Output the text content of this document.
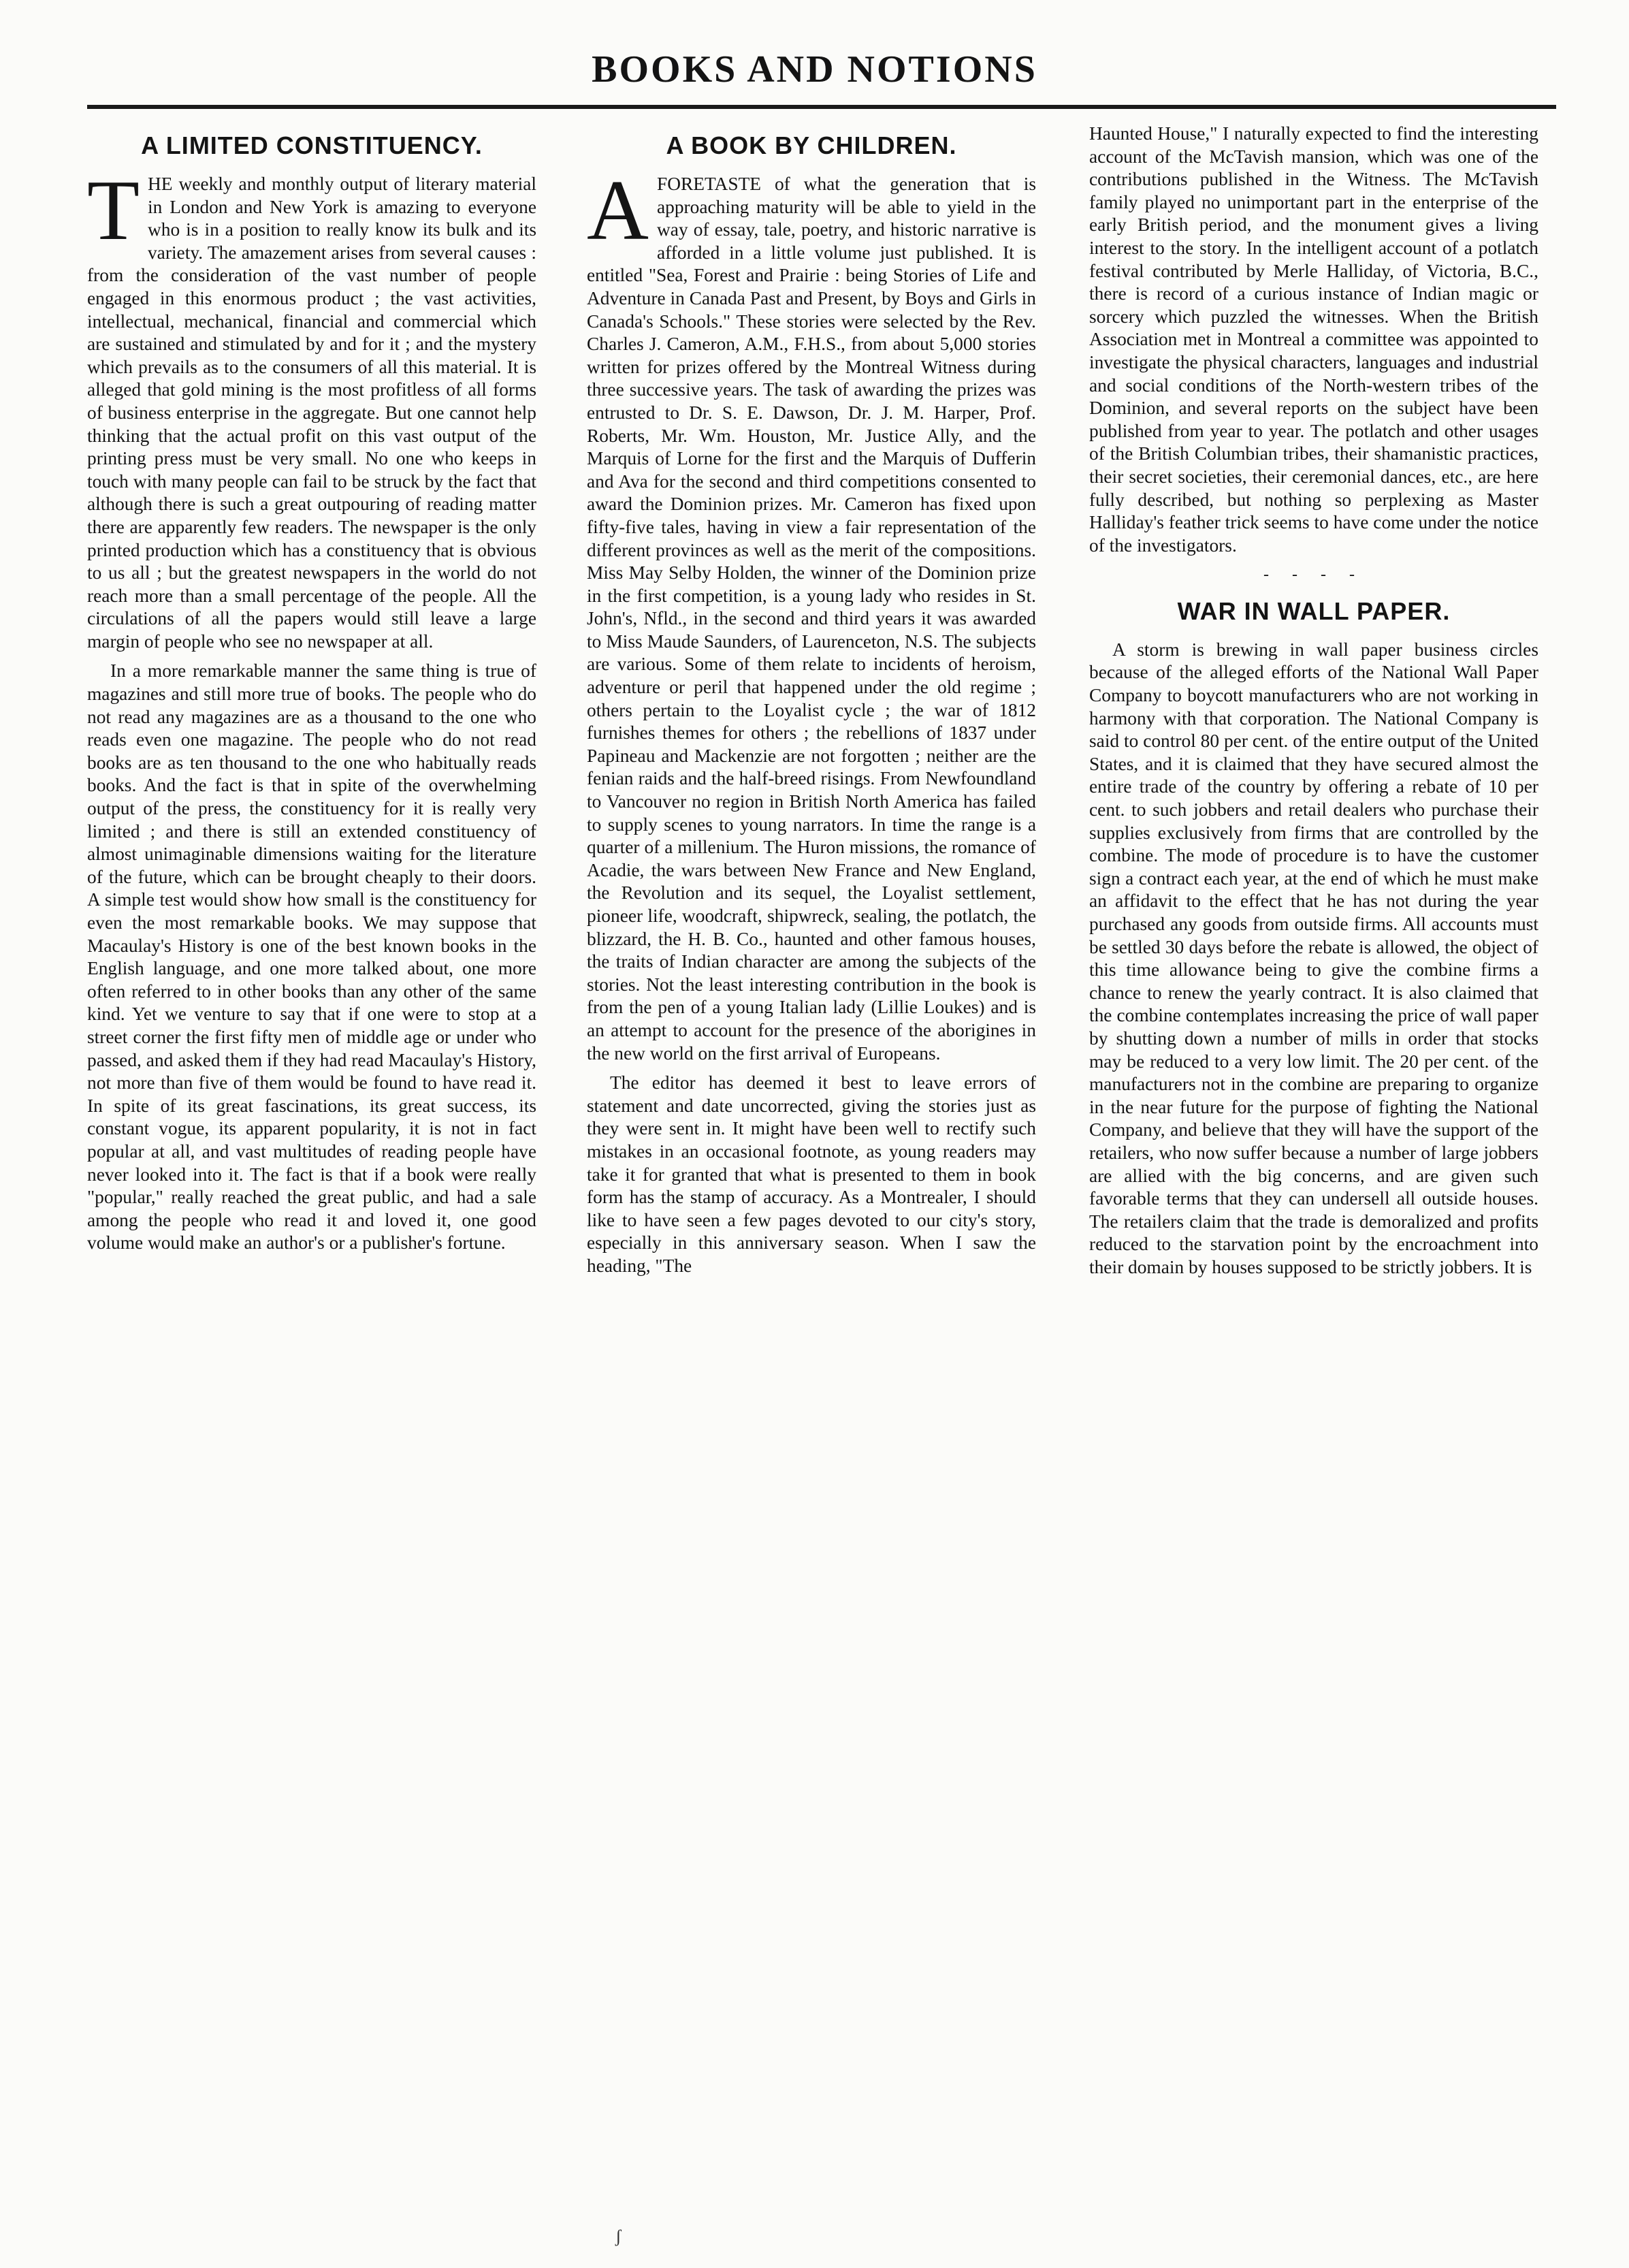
BOOKS AND NOTIONS
A LIMITED CONSTITUENCY.

THE weekly and monthly output of literary material in London and New York is amazing to everyone who is in a position to really know its bulk and its variety. The amazement arises from several causes : from the consideration of the vast number of people engaged in this enormous product ; the vast activities, intellectual, mechanical, financial and commercial which are sustained and stimulated by and for it ; and the mystery which prevails as to the consumers of all this material. It is alleged that gold mining is the most profitless of all forms of business enterprise in the aggregate. But one cannot help thinking that the actual profit on this vast output of the printing press must be very small. No one who keeps in touch with many people can fail to be struck by the fact that although there is such a great outpouring of reading matter there are apparently few readers. The newspaper is the only printed production which has a constituency that is obvious to us all ; but the greatest newspapers in the world do not reach more than a small percentage of the people. All the circulations of all the papers would still leave a large margin of people who see no newspaper at all.

In a more remarkable manner the same thing is true of magazines and still more true of books. The people who do not read any magazines are as a thousand to the one who reads even one magazine. The people who do not read books are as ten thousand to the one who habitually reads books. And the fact is that in spite of the overwhelming output of the press, the constituency for it is really very limited ; and there is still an extended constituency of almost unimaginable dimensions waiting for the literature of the future, which can be brought cheaply to their doors. A simple test would show how small is the constituency for even the most remarkable books. We may suppose that Macaulay's History is one of the best known books in the English language, and one more talked about, one more often referred to in other books than any other of the same kind. Yet we venture to say that if one were to stop at a street corner the first fifty men of middle age or under who passed, and asked them if they had read Macaulay's History, not more than five of them would be found to have read it. In spite of its great fascinations, its great success, its constant vogue, its apparent popularity, it is not in fact popular at all, and vast multitudes of reading people have never looked into it. The fact is that if a book were really "popular," really reached the great public, and had a sale among the people who read it and loved it, one good volume would make an author's or a publisher's fortune.

A BOOK BY CHILDREN.

AFORETASTE of what the generation that is approaching maturity will be able to yield in the way of essay, tale, poetry, and historic narrative is afforded in a little volume just published. It is entitled "Sea, Forest and Prairie : being Stories of Life and Adventure in Canada Past and Present, by Boys and Girls in Canada's Schools." These stories were selected by the Rev. Charles J. Cameron, A.M., F.H.S., from about 5,000 stories written for prizes offered by the Montreal Witness during three successive years. The task of awarding the prizes was entrusted to Dr. S. E. Dawson, Dr. J. M. Harper, Prof. Roberts, Mr. Wm. Houston, Mr. Justice Ally, and the Marquis of Lorne for the first and the Marquis of Dufferin and Ava for the second and third competitions consented to award the Dominion prizes. Mr. Cameron has fixed upon fifty-five tales, having in view a fair representation of the different provinces as well as the merit of the compositions. Miss May Selby Holden, the winner of the Dominion prize in the first competition, is a young lady who resides in St. John's, Nfld., in the second and third years it was awarded to Miss Maude Saunders, of Laurenceton, N.S. The subjects are various. Some of them relate to incidents of heroism, adventure or peril that happened under the old regime ; others pertain to the Loyalist cycle ; the war of 1812 furnishes themes for others ; the rebellions of 1837 under Papineau and Mackenzie are not forgotten ; neither are the fenian raids and the half-breed risings. From Newfoundland to Vancouver no region in British North America has failed to supply scenes to young narrators. In time the range is a quarter of a millenium. The Huron missions, the romance of Acadie, the wars between New France and New England, the Revolution and its sequel, the Loyalist settlement, pioneer life, woodcraft, shipwreck, sealing, the potlatch, the blizzard, the H. B. Co., haunted and other famous houses, the traits of Indian character are among the subjects of the stories. Not the least interesting contribution in the book is from the pen of a young Italian lady (Lillie Loukes) and is an attempt to account for the presence of the aborigines in the new world on the first arrival of Europeans.

The editor has deemed it best to leave errors of statement and date uncorrected, giving the stories just as they were sent in. It might have been well to rectify such mistakes in an occasional footnote, as young readers may take it for granted that what is presented to them in book form has the stamp of accuracy. As a Montrealer, I should like to have seen a few pages devoted to our city's story, especially in this anniversary season. When I saw the heading, "The

Haunted House," I naturally expected to find the interesting account of the McTavish mansion, which was one of the contributions published in the Witness. The McTavish family played no unimportant part in the enterprise of the early British period, and the monument gives a living interest to the story. In the intelligent account of a potlatch festival contributed by Merle Halliday, of Victoria, B.C., there is record of a curious instance of Indian magic or sorcery which puzzled the witnesses. When the British Association met in Montreal a committee was appointed to investigate the physical characters, languages and industrial and social conditions of the North-western tribes of the Dominion, and several reports on the subject have been published from year to year. The potlatch and other usages of the British Columbian tribes, their shamanistic practices, their secret societies, their ceremonial dances, etc., are here fully described, but nothing so perplexing as Master Halliday's feather trick seems to have come under the notice of the investigators.

- - - -
WAR IN WALL PAPER.

A storm is brewing in wall paper business circles because of the alleged efforts of the National Wall Paper Company to boycott manufacturers who are not working in harmony with that corporation. The National Company is said to control 80 per cent. of the entire output of the United States, and it is claimed that they have secured almost the entire trade of the country by offering a rebate of 10 per cent. to such jobbers and retail dealers who purchase their supplies exclusively from firms that are controlled by the combine. The mode of procedure is to have the customer sign a contract each year, at the end of which he must make an affidavit to the effect that he has not during the year purchased any goods from outside firms. All accounts must be settled 30 days before the rebate is allowed, the object of this time allowance being to give the combine firms a chance to renew the yearly contract. It is also claimed that the combine contemplates increasing the price of wall paper by shutting down a number of mills in order that stocks may be reduced to a very low limit. The 20 per cent. of the manufacturers not in the combine are preparing to organize in the near future for the purpose of fighting the National Company, and believe that they will have the support of the retailers, who now suffer because a number of large jobbers are allied with the big concerns, and are given such favorable terms that they can undersell all outside houses. The retailers claim that the trade is demoralized and profits reduced to the starvation point by the encroachment into their domain by houses supposed to be strictly jobbers. It is

ʃ
